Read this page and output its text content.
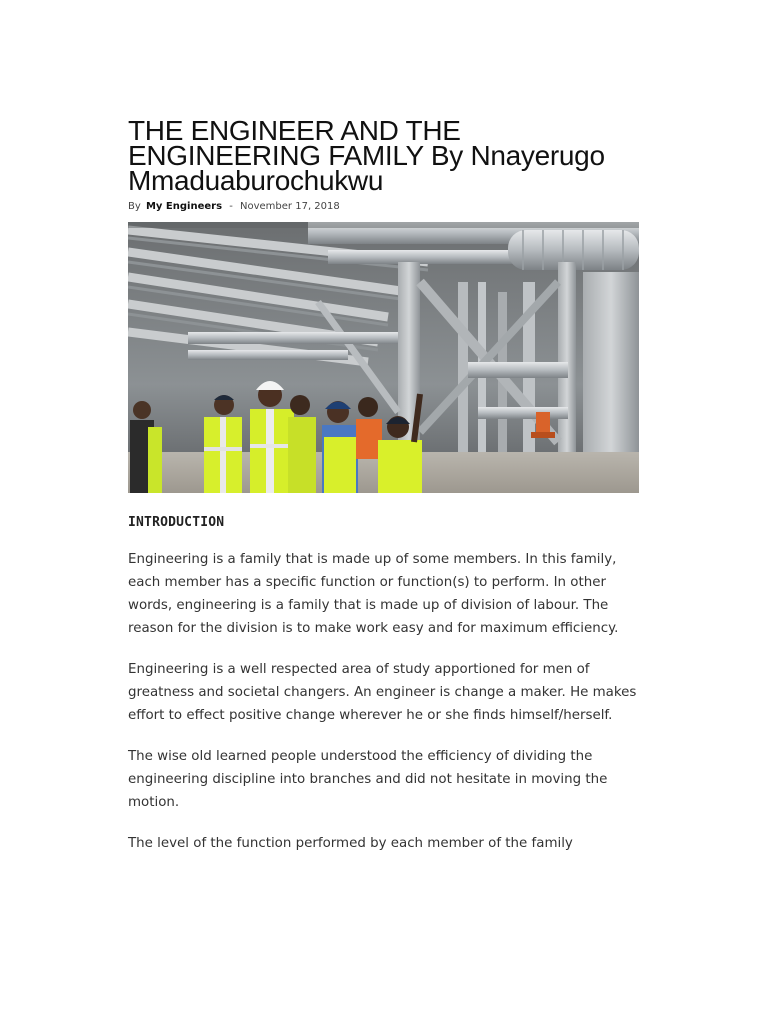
THE ENGINEER AND THE ENGINEERING FAMILY By Nnayerugo Mmaduaburochukwu
By My Engineers - November 17, 2018
INTRODUCTION

Engineering is a family that is made up of some members. In this family, each member has a specific function or function(s) to perform. In other words, engineering is a family that is made up of division of labour. The reason for the division is to make work easy and for maximum efficiency.

Engineering is a well respected area of study apportioned for men of greatness and societal changers. An engineer is change a maker. He makes effort to effect positive change wherever he or she finds himself/herself.

The wise old learned people understood the efficiency of dividing the engineering discipline into branches and did not hesitate in moving the motion.

The level of the function performed by each member of the family
